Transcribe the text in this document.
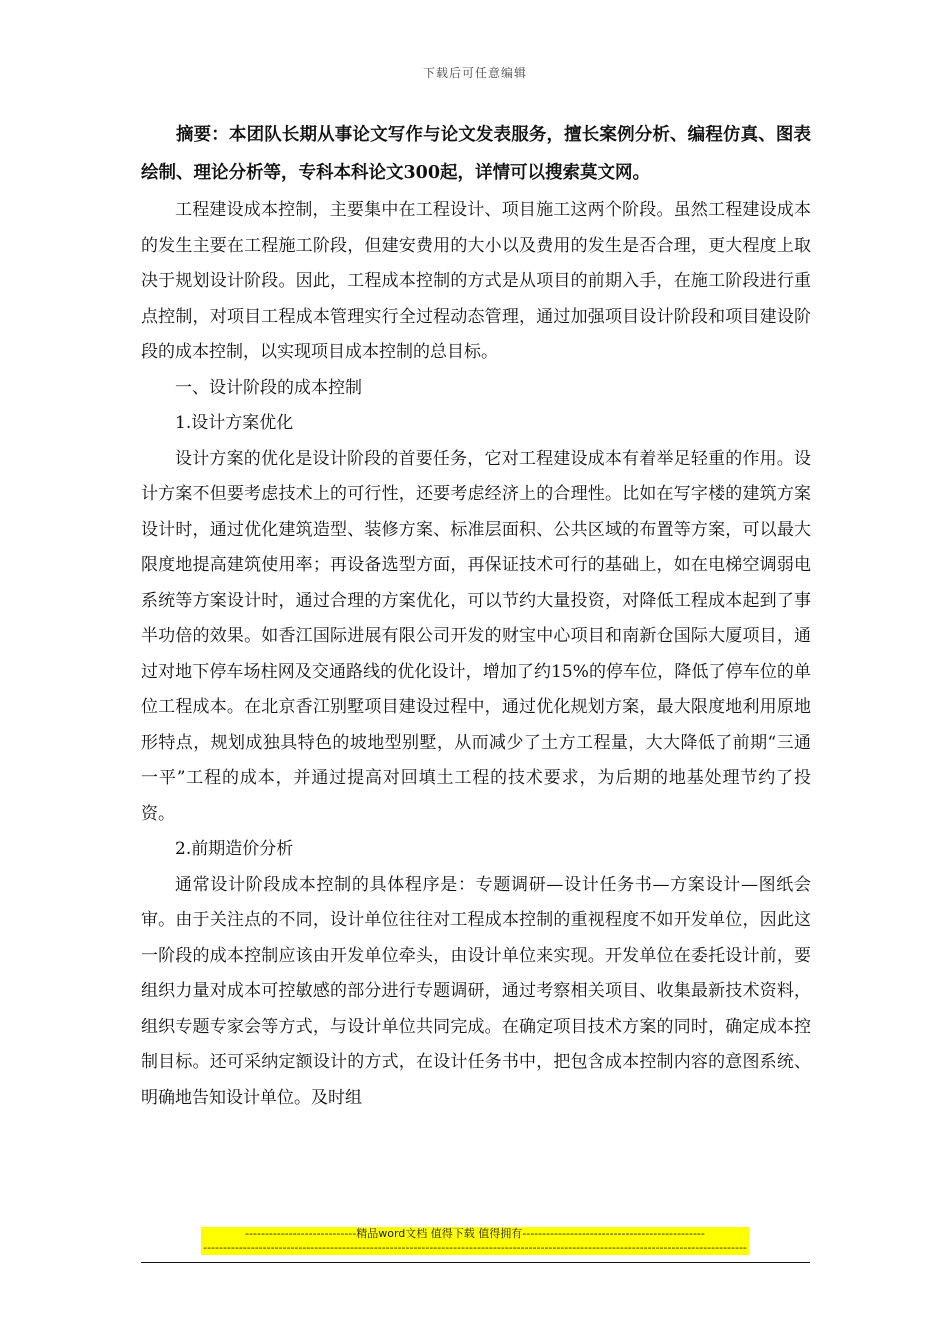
下载后可任意编辑

摘要：本团队长期从事论文写作与论文发表服务，擅长案例分析、编程仿真、图表绘制、理论分析等，专科本科论文300起，详情可以搜索莫文网。

工程建设成本控制，主要集中在工程设计、项目施工这两个阶段。虽然工程建设成本的发生主要在工程施工阶段，但建安费用的大小以及费用的发生是否合理，更大程度上取决于规划设计阶段。因此，工程成本控制的方式是从项目的前期入手，在施工阶段进行重点控制，对项目工程成本管理实行全过程动态管理，通过加强项目设计阶段和项目建设阶段的成本控制，以实现项目成本控制的总目标。

一、设计阶段的成本控制

1.设计方案优化

设计方案的优化是设计阶段的首要任务，它对工程建设成本有着举足轻重的作用。设计方案不但要考虑技术上的可行性，还要考虑经济上的合理性。比如在写字楼的建筑方案设计时，通过优化建筑造型、装修方案、标准层面积、公共区域的布置等方案，可以最大限度地提高建筑使用率；再设备选型方面，再保证技术可行的基础上，如在电梯空调弱电系统等方案设计时，通过合理的方案优化，可以节约大量投资，对降低工程成本起到了事半功倍的效果。如香江国际进展有限公司开发的财宝中心项目和南新仓国际大厦项目，通过对地下停车场柱网及交通路线的优化设计，增加了约15%的停车位，降低了停车位的单位工程成本。在北京香江别墅项目建设过程中，通过优化规划方案，最大限度地利用原地形特点，规划成独具特色的坡地型别墅，从而减少了土方工程量，大大降低了前期“三通一平”工程的成本，并通过提高对回填土工程的技术要求，为后期的地基处理节约了投资。

2.前期造价分析

通常设计阶段成本控制的具体程序是：专题调研—设计任务书—方案设计—图纸会审。由于关注点的不同，设计单位往往对工程成本控制的重视程度不如开发单位，因此这一阶段的成本控制应该由开发单位牵头，由设计单位来实现。开发单位在委托设计前，要组织力量对成本可控敏感的部分进行专题调研，通过考察相关项目、收集最新技术资料，组织专题专家会等方式，与设计单位共同完成。在确定项目技术方案的同时，确定成本控制目标。还可采纳定额设计的方式，在设计任务书中，把包含成本控制内容的意图系统、明确地告知设计单位。及时组

----------------------------精品word文档 值得下载 值得拥有----------------------------------------------
-----------------------------------------------------------------------------------------------------------------------------------------
